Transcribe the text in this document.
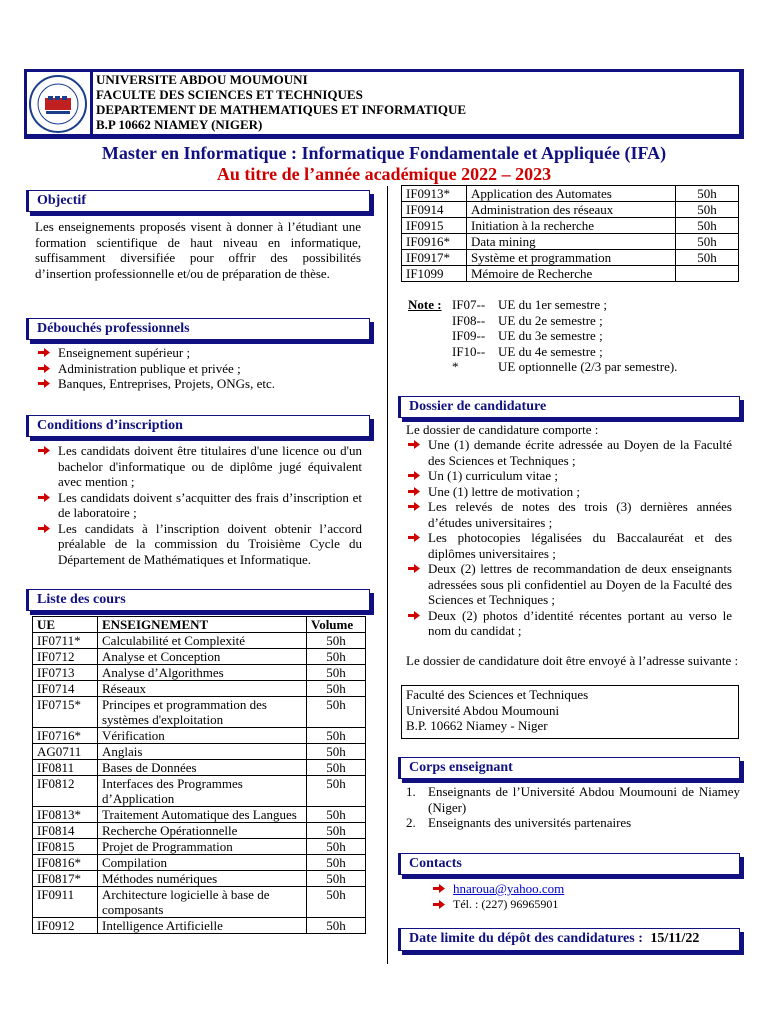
UNIVERSITE ABDOU MOUMOUNI
FACULTE DES SCIENCES ET TECHNIQUES
DEPARTEMENT DE MATHEMATIQUES ET INFORMATIQUE
B.P 10662 NIAMEY (NIGER)
Master en Informatique : Informatique Fondamentale et Appliquée (IFA)
Au titre de l’année académique 2022 – 2023
Objectif
Les enseignements proposés visent à donner à l’étudiant une formation scientifique de haut niveau en informatique, suffisamment diversifiée pour offrir des possibilités d’insertion professionnelle et/ou de préparation de thèse.
Débouchés professionnels
Enseignement supérieur ;
Administration publique et privée ;
Banques, Entreprises, Projets, ONGs, etc.
Conditions d’inscription
Les candidats doivent être titulaires d'une licence ou d'un bachelor d'informatique ou de diplôme jugé équivalent avec mention ;
Les candidats doivent s’acquitter des frais d’inscription et de laboratoire ;
Les candidats à l’inscription doivent obtenir l’accord préalable de la commission du Troisième Cycle du Département de Mathématiques et Informatique.
Liste des cours
UE	ENSEIGNEMENT	Volume
IF0711*	Calculabilité et Complexité	50h
IF0712	Analyse et Conception	50h
IF0713	Analyse d’Algorithmes	50h
IF0714	Réseaux	50h
IF0715*	Principes et programmation des systèmes d'exploitation	50h
IF0716*	Vérification	50h
AG0711	Anglais	50h
IF0811	Bases de Données	50h
IF0812	Interfaces des Programmes d’Application	50h
IF0813*	Traitement Automatique des Langues	50h
IF0814	Recherche Opérationnelle	50h
IF0815	Projet de Programmation	50h
IF0816*	Compilation	50h
IF0817*	Méthodes numériques	50h
IF0911	Architecture logicielle à base de composants	50h
IF0912	Intelligence Artificielle	50h
IF0913*	Application des Automates	50h
IF0914	Administration des réseaux	50h
IF0915	Initiation à la recherche	50h
IF0916*	Data mining	50h
IF0917*	Système et programmation	50h
IF1099	Mémoire de Recherche	
Note : IF07-- UE du 1er semestre ;
IF08-- UE du 2e semestre ;
IF09-- UE du 3e semestre ;
IF10-- UE du 4e semestre ;
*	UE optionnelle (2/3 par semestre).
Dossier de candidature
Le dossier de candidature comporte :
Une (1) demande écrite adressée au Doyen de la Faculté des Sciences et Techniques ;
Un (1) curriculum vitae ;
Une (1) lettre de motivation ;
Les relevés de notes des trois (3) dernières années d’études universitaires ;
Les photocopies légalisées du Baccalauréat et des diplômes universitaires ;
Deux (2) lettres de recommandation de deux enseignants adressées sous pli confidentiel au Doyen de la Faculté des Sciences et Techniques ;
Deux (2) photos d’identité récentes portant au verso le nom du candidat ;
Le dossier de candidature doit être envoyé à l’adresse suivante :
Faculté des Sciences et Techniques
Université Abdou Moumouni
B.P. 10662 Niamey - Niger
Corps enseignant
1. Enseignants de l’Université Abdou Moumouni de Niamey (Niger)
2. Enseignants des universités partenaires
Contacts
hnaroua@yahoo.com
Tél. : (227) 96965901
Date limite du dépôt des candidatures : 15/11/22
